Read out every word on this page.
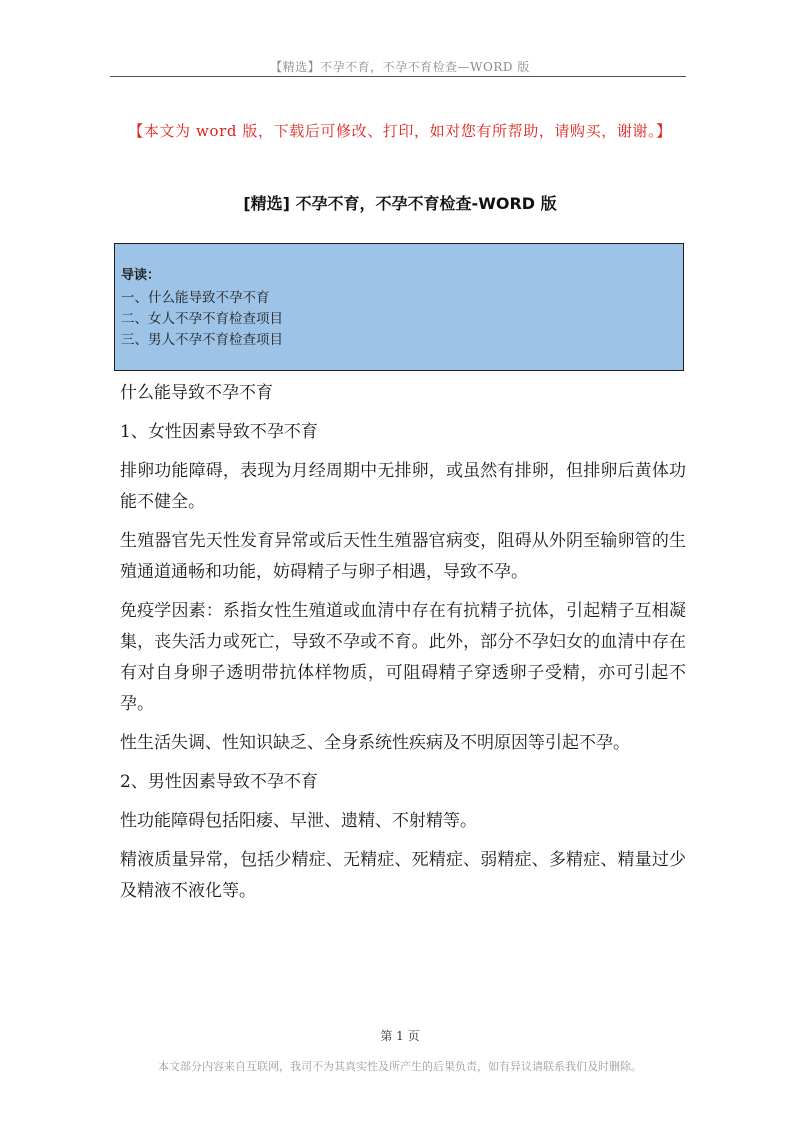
【精选】不孕不育，不孕不育检查—WORD 版
【本文为 word 版，下载后可修改、打印，如对您有所帮助，请购买，谢谢。】
[精选] 不孕不育，不孕不育检查-WORD 版
导读：
一、什么能导致不孕不育
二、女人不孕不育检查项目
三、男人不孕不育检查项目

什么能导致不孕不育

1、女性因素导致不孕不育

排卵功能障碍，表现为月经周期中无排卵，或虽然有排卵，但排卵后黄体功能不健全。

生殖器官先天性发育异常或后天性生殖器官病变，阻碍从外阴至输卵管的生殖通道通畅和功能，妨碍精子与卵子相遇，导致不孕。

免疫学因素：系指女性生殖道或血清中存在有抗精子抗体，引起精子互相凝集，丧失活力或死亡，导致不孕或不育。此外，部分不孕妇女的血清中存在有对自身卵子透明带抗体样物质，可阻碍精子穿透卵子受精，亦可引起不孕。

性生活失调、性知识缺乏、全身系统性疾病及不明原因等引起不孕。

2、男性因素导致不孕不育

性功能障碍包括阳痿、早泄、遗精、不射精等。

精液质量异常，包括少精症、无精症、死精症、弱精症、多精症、精量过少及精液不液化等。

第 1 页
本文部分内容来自互联网，我司不为其真实性及所产生的后果负责，如有异议请联系我们及时删除。
